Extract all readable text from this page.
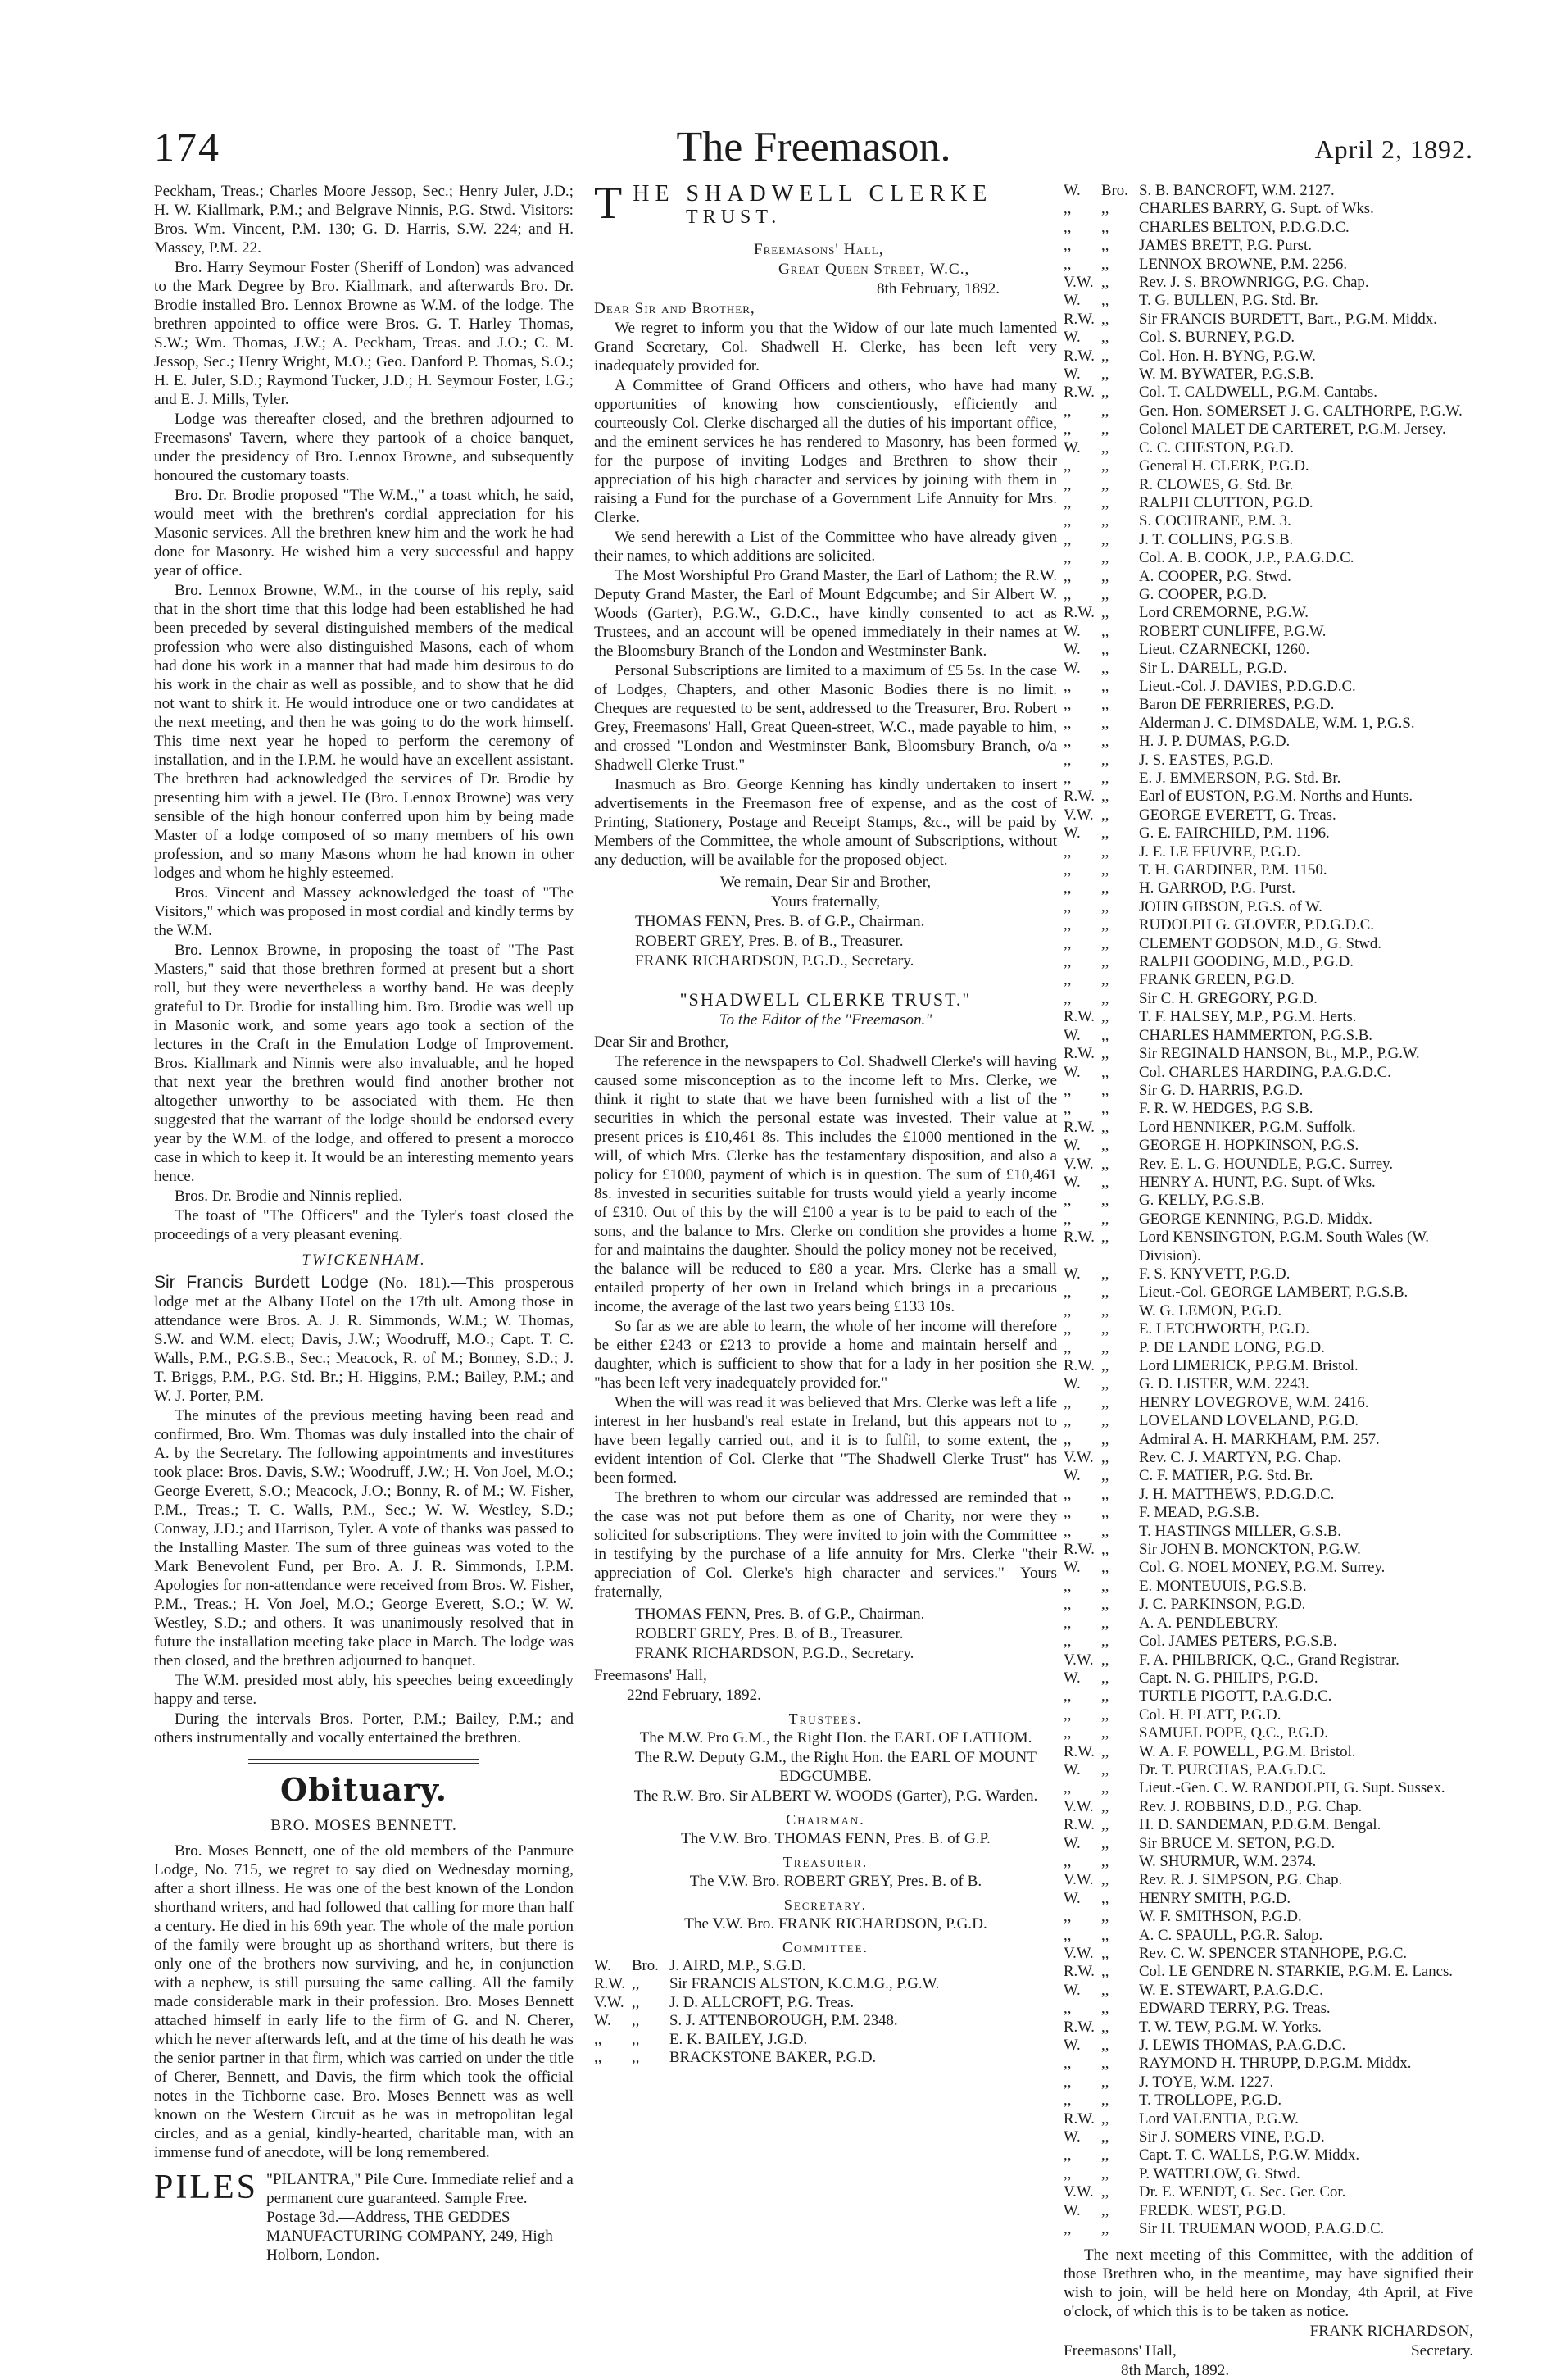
174	The Freemason.	April 2, 1892.

Peckham, Treas.; Charles Moore Jessop, Sec.; Henry Juler, J.D.; H. W. Kiallmark, P.M.; and Belgrave Ninnis, P.G. Stwd. Visitors: Bros. Wm. Vincent, P.M. 130; G. D. Harris, S.W. 224; and H. Massey, P.M. 22.

Bro. Harry Seymour Foster (Sheriff of London) was advanced to the Mark Degree by Bro. Kiallmark, and afterwards Bro. Dr. Brodie installed Bro. Lennox Browne as W.M. of the lodge. The brethren appointed to office were Bros. G. T. Harley Thomas, S.W.; Wm. Thomas, J.W.; A. Peckham, Treas. and J.O.; C. M. Jessop, Sec.; Henry Wright, M.O.; Geo. Danford P. Thomas, S.O.; H. E. Juler, S.D.; Raymond Tucker, J.D.; H. Seymour Foster, I.G.; and E. J. Mills, Tyler.

Lodge was thereafter closed, and the brethren adjourned to Freemasons' Tavern, where they partook of a choice banquet, under the presidency of Bro. Lennox Browne, and subsequently honoured the customary toasts.

Bro. Dr. Brodie proposed "The W.M.," a toast which, he said, would meet with the brethren's cordial appreciation for his Masonic services. All the brethren knew him and the work he had done for Masonry. He wished him a very successful and happy year of office.

Bro. Lennox Browne, W.M., in the course of his reply, said that in the short time that this lodge had been established he had been preceded by several distinguished members of the medical profession who were also distinguished Masons, each of whom had done his work in a manner that had made him desirous to do his work in the chair as well as possible, and to show that he did not want to shirk it. He would introduce one or two candidates at the next meeting, and then he was going to do the work himself. This time next year he hoped to perform the ceremony of installation, and in the I.P.M. he would have an excellent assistant. The brethren had acknowledged the services of Dr. Brodie by presenting him with a jewel. He (Bro. Lennox Browne) was very sensible of the high honour conferred upon him by being made Master of a lodge composed of so many members of his own profession, and so many Masons whom he had known in other lodges and whom he highly esteemed.

Bros. Vincent and Massey acknowledged the toast of "The Visitors," which was proposed in most cordial and kindly terms by the W.M.

Bro. Lennox Browne, in proposing the toast of "The Past Masters," said that those brethren formed at present but a short roll, but they were nevertheless a worthy band. He was deeply grateful to Dr. Brodie for installing him. Bro. Brodie was well up in Masonic work, and some years ago took a section of the lectures in the Craft in the Emulation Lodge of Improvement. Bros. Kiallmark and Ninnis were also invaluable, and he hoped that next year the brethren would find another brother not altogether unworthy to be associated with them. He then suggested that the warrant of the lodge should be endorsed every year by the W.M. of the lodge, and offered to present a morocco case in which to keep it. It would be an interesting memento years hence.

Bros. Dr. Brodie and Ninnis replied.

The toast of "The Officers" and the Tyler's toast closed the proceedings of a very pleasant evening.

TWICKENHAM.

Sir Francis Burdett Lodge (No. 181).—This prosperous lodge met at the Albany Hotel on the 17th ult. Among those in attendance were Bros. A. J. R. Simmonds, W.M.; W. Thomas, S.W. and W.M. elect; Davis, J.W.; Woodruff, M.O.; Capt. T. C. Walls, P.M., P.G.S.B., Sec.; Meacock, R. of M.; Bonney, S.D.; J. T. Briggs, P.M., P.G. Std. Br.; H. Higgins, P.M.; Bailey, P.M.; and W. J. Porter, P.M.

The minutes of the previous meeting having been read and confirmed, Bro. Wm. Thomas was duly installed into the chair of A. by the Secretary. The following appointments and investitures took place: Bros. Davis, S.W.; Woodruff, J.W.; H. Von Joel, M.O.; George Everett, S.O.; Meacock, J.O.; Bonny, R. of M.; W. Fisher, P.M., Treas.; T. C. Walls, P.M., Sec.; W. W. Westley, S.D.; Conway, J.D.; and Harrison, Tyler. A vote of thanks was passed to the Installing Master. The sum of three guineas was voted to the Mark Benevolent Fund, per Bro. A. J. R. Simmonds, I.P.M. Apologies for non-attendance were received from Bros. W. Fisher, P.M., Treas.; H. Von Joel, M.O.; George Everett, S.O.; W. W. Westley, S.D.; and others. It was unanimously resolved that in future the installation meeting take place in March. The lodge was then closed, and the brethren adjourned to banquet.

The W.M. presided most ably, his speeches being exceedingly happy and terse.

During the intervals Bros. Porter, P.M.; Bailey, P.M.; and others instrumentally and vocally entertained the brethren.

Obituary.
BRO. MOSES BENNETT.

Bro. Moses Bennett, one of the old members of the Panmure Lodge, No. 715, we regret to say died on Wednesday morning, after a short illness. He was one of the best known of the London shorthand writers, and had followed that calling for more than half a century. He died in his 69th year. The whole of the male portion of the family were brought up as shorthand writers, but there is only one of the brothers now surviving, and he, in conjunction with a nephew, is still pursuing the same calling. All the family made considerable mark in their profession. Bro. Moses Bennett attached himself in early life to the firm of G. and N. Cherer, which he never afterwards left, and at the time of his death he was the senior partner in that firm, which was carried on under the title of Cherer, Bennett, and Davis, the firm which took the official notes in the Tichborne case. Bro. Moses Bennett was as well known on the Western Circuit as he was in metropolitan legal circles, and as a genial, kindly-hearted, charitable man, with an immense fund of anecdote, will be long remembered.

PILES "PILANTRA," Pile Cure. Immediate relief and a permanent cure guaranteed. Sample Free. Postage 3d.—Address, THE GEDDES MANUFACTURING COMPANY, 249, High Holborn, London.
THE SHADWELL CLERKE
TRUST.

Freemasons' Hall,

Great Queen Street, W.C.,

8th February, 1892.

Dear Sir and Brother,

We regret to inform you that the Widow of our late much lamented Grand Secretary, Col. Shadwell H. Clerke, has been left very inadequately provided for.

A Committee of Grand Officers and others, who have had many opportunities of knowing how conscientiously, efficiently and courteously Col. Clerke discharged all the duties of his important office, and the eminent services he has rendered to Masonry, has been formed for the purpose of inviting Lodges and Brethren to show their appreciation of his high character and services by joining with them in raising a Fund for the purchase of a Government Life Annuity for Mrs. Clerke.

We send herewith a List of the Committee who have already given their names, to which additions are solicited.

The Most Worshipful Pro Grand Master, the Earl of Lathom; the R.W. Deputy Grand Master, the Earl of Mount Edgcumbe; and Sir Albert W. Woods (Garter), P.G.W., G.D.C., have kindly consented to act as Trustees, and an account will be opened immediately in their names at the Bloomsbury Branch of the London and Westminster Bank.

Personal Subscriptions are limited to a maximum of £5 5s. In the case of Lodges, Chapters, and other Masonic Bodies there is no limit. Cheques are requested to be sent, addressed to the Treasurer, Bro. Robert Grey, Freemasons' Hall, Great Queen-street, W.C., made payable to him, and crossed "London and Westminster Bank, Bloomsbury Branch, o/a Shadwell Clerke Trust."

Inasmuch as Bro. George Kenning has kindly undertaken to insert advertisements in the Freemason free of expense, and as the cost of Printing, Stationery, Postage and Receipt Stamps, &c., will be paid by Members of the Committee, the whole amount of Subscriptions, without any deduction, will be available for the proposed object.

We remain, Dear Sir and Brother,

Yours fraternally,

THOMAS FENN, Pres. B. of G.P., Chairman.

ROBERT GREY, Pres. B. of B., Treasurer.

FRANK RICHARDSON, P.G.D., Secretary.

"SHADWELL CLERKE TRUST."
To the Editor of the "Freemason."

Dear Sir and Brother,

The reference in the newspapers to Col. Shadwell Clerke's will having caused some misconception as to the income left to Mrs. Clerke, we think it right to state that we have been furnished with a list of the securities in which the personal estate was invested. Their value at present prices is £10,461 8s. This includes the £1000 mentioned in the will, of which Mrs. Clerke has the testamentary disposition, and also a policy for £1000, payment of which is in question. The sum of £10,461 8s. invested in securities suitable for trusts would yield a yearly income of £310. Out of this by the will £100 a year is to be paid to each of the sons, and the balance to Mrs. Clerke on condition she provides a home for and maintains the daughter. Should the policy money not be received, the balance will be reduced to £80 a year. Mrs. Clerke has a small entailed property of her own in Ireland which brings in a precarious income, the average of the last two years being £133 10s.

So far as we are able to learn, the whole of her income will therefore be either £243 or £213 to provide a home and maintain herself and daughter, which is sufficient to show that for a lady in her position she "has been left very inadequately provided for."

When the will was read it was believed that Mrs. Clerke was left a life interest in her husband's real estate in Ireland, but this appears not to have been legally carried out, and it is to fulfil, to some extent, the evident intention of Col. Clerke that "The Shadwell Clerke Trust" has been formed.

The brethren to whom our circular was addressed are reminded that the case was not put before them as one of Charity, nor were they solicited for subscriptions. They were invited to join with the Committee in testifying by the purchase of a life annuity for Mrs. Clerke "their appreciation of Col. Clerke's high character and services."—Yours fraternally,

THOMAS FENN, Pres. B. of G.P., Chairman.

ROBERT GREY, Pres. B. of B., Treasurer.

FRANK RICHARDSON, P.G.D., Secretary.

Freemasons' Hall,

22nd February, 1892.

Trustees.

The M.W. Pro G.M., the Right Hon. the EARL OF LATHOM.

The R.W. Deputy G.M., the Right Hon. the EARL OF MOUNT EDGCUMBE.

The R.W. Bro. Sir ALBERT W. WOODS (Garter), P.G. Warden.

Chairman.

The V.W. Bro. THOMAS FENN, Pres. B. of G.P.

Treasurer.

The V.W. Bro. ROBERT GREY, Pres. B. of B.

Secretary.

The V.W. Bro. FRANK RICHARDSON, P.G.D.

Committee.
W.	Bro.	J. AIRD, M.P., S.G.D.
R.W.	,,	Sir FRANCIS ALSTON, K.C.M.G., P.G.W.
V.W.	,,	J. D. ALLCROFT, P.G. Treas.
W.	,,	S. J. ATTENBOROUGH, P.M. 2348.
,,	,,	E. K. BAILEY, J.G.D.
,,	,,	BRACKSTONE BAKER, P.G.D.
W.	Bro.	S. B. BANCROFT, W.M. 2127.
,,	,,	CHARLES BARRY, G. Supt. of Wks.
,,	,,	CHARLES BELTON, P.D.G.D.C.
,,	,,	JAMES BRETT, P.G. Purst.
,,	,,	LENNOX BROWNE, P.M. 2256.
V.W.	,,	Rev. J. S. BROWNRIGG, P.G. Chap.
W.	,,	T. G. BULLEN, P.G. Std. Br.
R.W.	,,	Sir FRANCIS BURDETT, Bart., P.G.M. Middx.
W.	,,	Col. S. BURNEY, P.G.D.
R.W.	,,	Col. Hon. H. BYNG, P.G.W.
W.	,,	W. M. BYWATER, P.G.S.B.
R.W.	,,	Col. T. CALDWELL, P.G.M. Cantabs.
,,	,,	Gen. Hon. SOMERSET J. G. CALTHORPE, P.G.W.
,,	,,	Colonel MALET DE CARTERET, P.G.M. Jersey.
W.	,,	C. C. CHESTON, P.G.D.
,,	,,	General H. CLERK, P.G.D.
,,	,,	R. CLOWES, G. Std. Br.
,,	,,	RALPH CLUTTON, P.G.D.
,,	,,	S. COCHRANE, P.M. 3.
,,	,,	J. T. COLLINS, P.G.S.B.
,,	,,	Col. A. B. COOK, J.P., P.A.G.D.C.
,,	,,	A. COOPER, P.G. Stwd.
,,	,,	G. COOPER, P.G.D.
R.W.	,,	Lord CREMORNE, P.G.W.
W.	,,	ROBERT CUNLIFFE, P.G.W.
W.	,,	Lieut. CZARNECKI, 1260.
W.	,,	Sir L. DARELL, P.G.D.
,,	,,	Lieut.-Col. J. DAVIES, P.D.G.D.C.
,,	,,	Baron DE FERRIERES, P.G.D.
,,	,,	Alderman J. C. DIMSDALE, W.M. 1, P.G.S.
,,	,,	H. J. P. DUMAS, P.G.D.
,,	,,	J. S. EASTES, P.G.D.
,,	,,	E. J. EMMERSON, P.G. Std. Br.
R.W.	,,	Earl of EUSTON, P.G.M. Norths and Hunts.
V.W.	,,	GEORGE EVERETT, G. Treas.
W.	,,	G. E. FAIRCHILD, P.M. 1196.
,,	,,	J. E. LE FEUVRE, P.G.D.
,,	,,	T. H. GARDINER, P.M. 1150.
,,	,,	H. GARROD, P.G. Purst.
,,	,,	JOHN GIBSON, P.G.S. of W.
,,	,,	RUDOLPH G. GLOVER, P.D.G.D.C.
,,	,,	CLEMENT GODSON, M.D., G. Stwd.
,,	,,	RALPH GOODING, M.D., P.G.D.
,,	,,	FRANK GREEN, P.G.D.
,,	,,	Sir C. H. GREGORY, P.G.D.
R.W.	,,	T. F. HALSEY, M.P., P.G.M. Herts.
W.	,,	CHARLES HAMMERTON, P.G.S.B.
R.W.	,,	Sir REGINALD HANSON, Bt., M.P., P.G.W.
W.	,,	Col. CHARLES HARDING, P.A.G.D.C.
,,	,,	Sir G. D. HARRIS, P.G.D.
,,	,,	F. R. W. HEDGES, P.G S.B.
R.W.	,,	Lord HENNIKER, P.G.M. Suffolk.
W.	,,	GEORGE H. HOPKINSON, P.G.S.
V.W.	,,	Rev. E. L. G. HOUNDLE, P.G.C. Surrey.
W.	,,	HENRY A. HUNT, P.G. Supt. of Wks.
,,	,,	G. KELLY, P.G.S.B.
,,	,,	GEORGE KENNING, P.G.D. Middx.
R.W.	,,	Lord KENSINGTON, P.G.M. South Wales (W. Division).
W.	,,	F. S. KNYVETT, P.G.D.
,,	,,	Lieut.-Col. GEORGE LAMBERT, P.G.S.B.
,,	,,	W. G. LEMON, P.G.D.
,,	,,	E. LETCHWORTH, P.G.D.
,,	,,	P. DE LANDE LONG, P.G.D.
R.W.	,,	Lord LIMERICK, P.P.G.M. Bristol.
W.	,,	G. D. LISTER, W.M. 2243.
,,	,,	HENRY LOVEGROVE, W.M. 2416.
,,	,,	LOVELAND LOVELAND, P.G.D.
,,	,,	Admiral A. H. MARKHAM, P.M. 257.
V.W.	,,	Rev. C. J. MARTYN, P.G. Chap.
W.	,,	C. F. MATIER, P.G. Std. Br.
,,	,,	J. H. MATTHEWS, P.D.G.D.C.
,,	,,	F. MEAD, P.G.S.B.
,,	,,	T. HASTINGS MILLER, G.S.B.
R.W.	,,	Sir JOHN B. MONCKTON, P.G.W.
W.	,,	Col. G. NOEL MONEY, P.G.M. Surrey.
,,	,,	E. MONTEUUIS, P.G.S.B.
,,	,,	J. C. PARKINSON, P.G.D.
,,	,,	A. A. PENDLEBURY.
,,	,,	Col. JAMES PETERS, P.G.S.B.
V.W.	,,	F. A. PHILBRICK, Q.C., Grand Registrar.
W.	,,	Capt. N. G. PHILIPS, P.G.D.
,,	,,	TURTLE PIGOTT, P.A.G.D.C.
,,	,,	Col. H. PLATT, P.G.D.
,,	,,	SAMUEL POPE, Q.C., P.G.D.
R.W.	,,	W. A. F. POWELL, P.G.M. Bristol.
W.	,,	Dr. T. PURCHAS, P.A.G.D.C.
,,	,,	Lieut.-Gen. C. W. RANDOLPH, G. Supt. Sussex.
V.W.	,,	Rev. J. ROBBINS, D.D., P.G. Chap.
R.W.	,,	H. D. SANDEMAN, P.D.G.M. Bengal.
W.	,,	Sir BRUCE M. SETON, P.G.D.
,,	,,	W. SHURMUR, W.M. 2374.
V.W.	,,	Rev. R. J. SIMPSON, P.G. Chap.
W.	,,	HENRY SMITH, P.G.D.
,,	,,	W. F. SMITHSON, P.G.D.
,,	,,	A. C. SPAULL, P.G.R. Salop.
V.W.	,,	Rev. C. W. SPENCER STANHOPE, P.G.C.
R.W.	,,	Col. LE GENDRE N. STARKIE, P.G.M. E. Lancs.
W.	,,	W. E. STEWART, P.A.G.D.C.
,,	,,	EDWARD TERRY, P.G. Treas.
R.W.	,,	T. W. TEW, P.G.M. W. Yorks.
W.	,,	J. LEWIS THOMAS, P.A.G.D.C.
,,	,,	RAYMOND H. THRUPP, D.P.G.M. Middx.
,,	,,	J. TOYE, W.M. 1227.
,,	,,	T. TROLLOPE, P.G.D.
R.W.	,,	Lord VALENTIA, P.G.W.
W.	,,	Sir J. SOMERS VINE, P.G.D.
,,	,,	Capt. T. C. WALLS, P.G.W. Middx.
,,	,,	P. WATERLOW, G. Stwd.
V.W.	,,	Dr. E. WENDT, G. Sec. Ger. Cor.
W.	,,	FREDK. WEST, P.G.D.
,,	,,	Sir H. TRUEMAN WOOD, P.A.G.D.C.

The next meeting of this Committee, with the addition of those Brethren who, in the meantime, may have signified their wish to join, will be held here on Monday, 4th April, at Five o'clock, of which this is to be taken as notice.

FRANK RICHARDSON,

Freemasons' Hall,	Secretary.

8th March, 1892.
